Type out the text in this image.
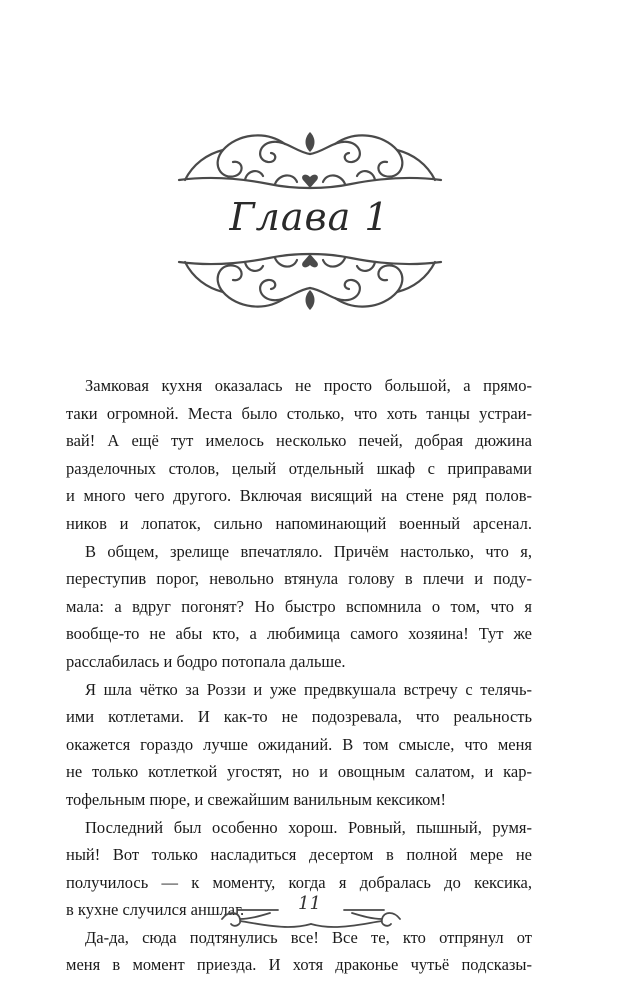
Глава 1

Замковая кухня оказалась не просто большой, а прямо-
таки огромной. Места было столько, что хоть танцы устраи-
вай! А ещё тут имелось несколько печей, добрая дюжина
разделочных столов, целый отдельный шкаф с приправами
и много чего другого. Включая висящий на стене ряд полов-
ников и лопаток, сильно напоминающий военный арсенал.

В общем, зрелище впечатляло. Причём настолько, что я,
переступив порог, невольно втянула голову в плечи и поду-
мала: а вдруг погонят? Но быстро вспомнила о том, что я
вообще-то не абы кто, а любимица самого хозяина! Тут же
расслабилась и бодро потопала дальше.

Я шла чётко за Роззи и уже предвкушала встречу с телячь-
ими котлетами. И как-то не подозревала, что реальность
окажется гораздо лучше ожиданий. В том смысле, что меня
не только котлеткой угостят, но и овощным салатом, и кар-
тофельным пюре, и свежайшим ванильным кексиком!

Последний был особенно хорош. Ровный, пышный, румя-
ный! Вот только насладиться десертом в полной мере не
получилось — к моменту, когда я добралась до кексика,
в кухне случился аншлаг.

Да-да, сюда подтянулись все! Все те, кто отпрянул от
меня в момент приезда. И хотя драконье чутьё подсказы-

11
